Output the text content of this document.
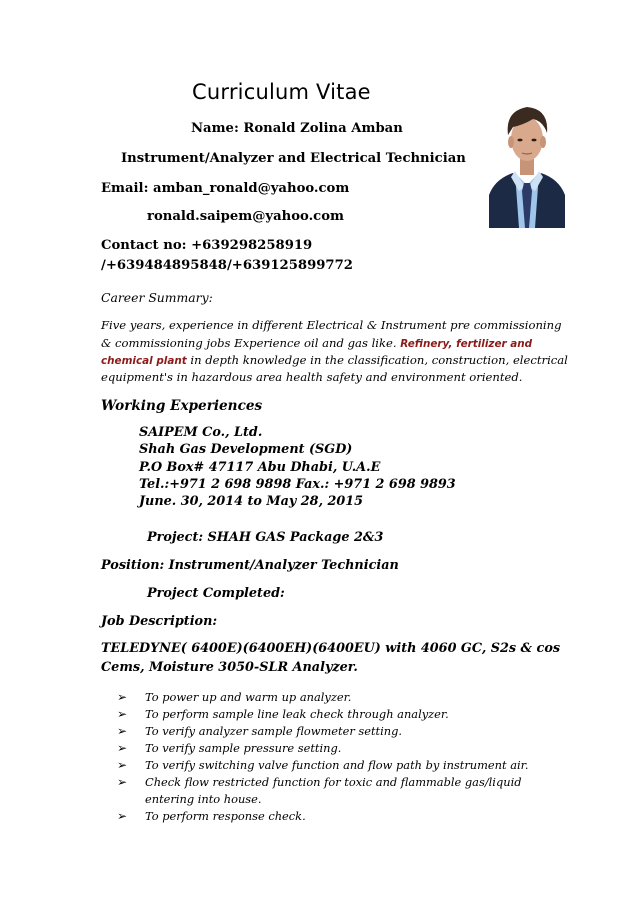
Curriculum Vitae
Name: Ronald Zolina Amban
Instrument/Analyzer and Electrical Technician
Email: amban_ronald@yahoo.com
ronald.saipem@yahoo.com
Contact no: +639298258919
/+639484895848/+639125899772
Career Summary:
Five years, experience in different Electrical & Instrument pre commissioning
& commissioning jobs Experience oil and gas like. Refinery, fertilizer and
chemical plant in depth knowledge in the classification, construction, electrical
equipment's in hazardous area health safety and environment oriented.
Working Experiences
SAIPEM Co., Ltd.
Shah Gas Development (SGD)
P.O Box# 47117 Abu Dhabi, U.A.E
Tel.:+971 2 698 9898 Fax.: +971 2 698 9893
June. 30, 2014 to May 28, 2015
Project: SHAH GAS Package 2&3
Position: Instrument/Analyzer Technician
Project Completed:
Job Description:
TELEDYNE( 6400E)(6400EH)(6400EU) with 4060 GC, S2s & cos
Cems, Moisture 3050-SLR Analyzer.
➢ To power up and warm up analyzer.
➢ To perform sample line leak check through analyzer.
➢ To verify analyzer sample flowmeter setting.
➢ To verify sample pressure setting.
➢ To verify switching valve function and flow path by instrument air.
➢ Check flow restricted function for toxic and flammable gas/liquid entering into house.
➢ To perform response check.
